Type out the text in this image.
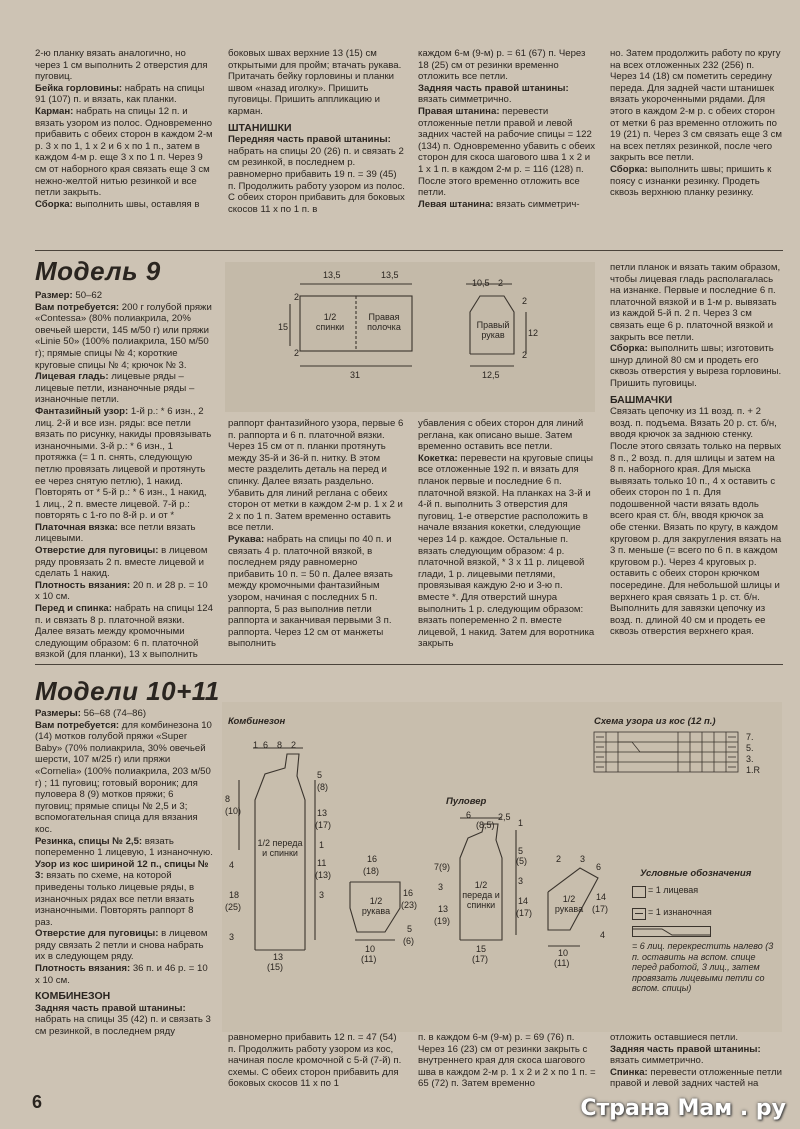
2-ю планку вязать аналогично, но через 1 см выполнить 2 отверстия для пуговиц.

Бейка горловины: набрать на спицы 91 (107) п. и вязать, как планки.

Карман: набрать на спицы 12 п. и вязать узором из полос. Одновременно прибавить с обеих сторон в каждом 2-м р. 3 х по 1, 1 х 2 и 6 х по 1 п., затем в каждом 4-м р. еще 3 х по 1 п. Через 9 см от наборного края связать еще 3 см нежно-желтой нитью резинкой и все петли закрыть.

Сборка: выполнить швы, оставляя в

боковых швах верхние 13 (15) см открытыми для пройм; втачать рукава. Притачать бейку горловины и планки швом «назад иголку». Пришить пуговицы. Пришить аппликацию и карман.

ШТАНИШКИ

Передняя часть правой штанины: набрать на спицы 20 (26) п. и связать 2 см резинкой, в последнем р. равномерно прибавить 19 п. = 39 (45) п. Продолжить работу узором из полос. С обеих сторон прибавить для боковых скосов 11 х по 1 п. в

каждом 6-м (9-м) р. = 61 (67) п. Через 18 (25) см от резинки временно отложить все петли.

Задняя часть правой штанины: вязать симметрично.

Правая штанина: перевести отложенные петли правой и левой задних частей на рабочие спицы = 122 (134) п. Одновременно убавить с обеих сторон для скоса шагового шва 1 х 2 и 1 х 1 п. в каждом 2-м р. = 116 (128) п. После этого временно отложить все петли.

Левая штанина: вязать симметрич-

но. Затем продолжить работу по кругу на всех отложенных 232 (256) п. Через 14 (18) см пометить середину переда. Для задней части штанишек вязать укороченными рядами. Для этого в каждом 2-м р. с обеих сторон от метки 6 раз временно отложить по 19 (21) п. Через 3 см связать еще 3 см на всех петлях резинкой, после чего закрыть все петли.

Сборка: выполнить швы; пришить к поясу с изнанки резинку. Продеть сквозь верхнюю планку резинку.

Модель 9

Размер: 50–62

Вам потребуется: 200 г голубой пряжи «Contessa» (80% полиакрила, 20% овечьей шерсти, 145 м/50 г) или пряжи «Linie 50» (100% полиакрила, 150 м/50 г); прямые спицы № 4; короткие круговые спицы № 4; крючок № 3.

Лицевая гладь: лицевые ряды – лицевые петли, изнаночные ряды – изнаночные петли.

Фантазийный узор: 1-й р.: * 6 изн., 2 лиц. 2-й и все изн. ряды: все петли вязать по рисунку, накиды провязывать изнаночными. 3-й р.: * 6 изн., 1 протяжка (= 1 п. снять, следующую петлю провязать лицевой и протянуть ее через снятую петлю), 1 накид. Повторять от * 5-й р.: * 6 изн., 1 накид, 1 лиц., 2 п. вместе лицевой. 7-й р.: повторять с 1-го по 8-й р. и от *

Платочная вязка: все петли вязать лицевыми.

Отверстие для пуговицы: в лицевом ряду провязать 2 п. вместе лицевой и сделать 1 накид.

Плотность вязания: 20 п. и 28 р. = 10 х 10 см.

Перед и спинка: набрать на спицы 124 п. и связать 8 р. платочной вязки. Далее вязать между кромочными следующим образом: 6 п. платочной вязкой (для планки), 13 х выполнить

раппорт фантазийного узора, первые 6 п. раппорта и 6 п. платочной вязки. Через 15 см от п. планки протянуть между 35-й и 36-й п. нитку. В этом месте разделить деталь на перед и спинку. Далее вязать раздельно. Убавить для линий реглана с обеих сторон от метки в каждом 2-м р. 1 х 2 и 2 х по 1 п. Затем временно оставить все петли.

Рукава: набрать на спицы по 40 п. и связать 4 р. платочной вязкой, в последнем ряду равномерно прибавить 10 п. = 50 п. Далее вязать между кромочными фантазийным узором, начиная с последних 5 п. раппорта, 5 раз выполнив петли раппорта и заканчивая первыми 3 п. раппорта. Через 12 см от манжеты выполнить

убавления с обеих сторон для линий реглана, как описано выше. Затем временно оставить все петли.

Кокетка: перевести на круговые спицы все отложенные 192 п. и вязать для планок первые и последние 6 п. платочной вязкой. На планках на 3-й и 4-й п. выполнить 3 отверстия для пуговиц. 1-е отверстие расположить в начале вязания кокетки, следующие через 14 р. каждое. Остальные п. вязать следующим образом: 4 р. платочной вязкой, * 3 х 11 р. лицевой глади, 1 р. лицевыми петлями, провязывая каждую 2-ю и 3-ю п. вместе *. Для отверстий шнура выполнить 1 р. следующим образом: вязать попеременно 2 п. вместе лицевой, 1 накид. Затем для воротника закрыть

петли планок и вязать таким образом, чтобы лицевая гладь располагалась на изнанке. Первые и последние 6 п. платочной вязкой и в 1-м р. вывязать из каждой 5-й п. 2 п. Через 3 см связать еще 6 р. платочной вязкой и закрыть все петли.

Сборка: выполнить швы; изготовить шнур длиной 80 см и продеть его сквозь отверстия у выреза горловины. Пришить пуговицы.

БАШМАЧКИ

Связать цепочку из 11 возд. п. + 2 возд. п. подъема. Вязать 20 р. ст. б/н, вводя крючок за заднюю стенку. После этого связать только на первых 8 п., 2 возд. п. для шлицы и затем на 8 п. наборного края. Для мыска вывязать только 10 п., 4 х оставить с обеих сторон по 1 п. Для подошвенной части вязать вдоль всего края ст. б/н, вводя крючок за обе стенки. Вязать по кругу, в каждом круговом р. для закругления вязать на 3 п. меньше (= всего по 6 п. в каждом круговом р.). Через 4 круговых р. оставить с обеих сторон крючком посередине. Для небольшой шлицы и верхнего края связать 1 р. ст. б/н. Выполнить для завязки цепочку из возд. п. длиной 40 см и продеть ее сквозь отверстия верхнего края.

13,5	13,5
15
2
2
1/2 спинки
Правая полочка
31
10,5 2
2
12
2
Правый рукав
12,5
Модели 10+11

Размеры: 56–68 (74–86)

Вам потребуется: для комбинезона 10 (14) мотков голубой пряжи «Super Baby» (70% полиакрила, 30% овечьей шерсти, 107 м/25 г) или пряжи «Cornelia» (100% полиакрила, 203 м/50 г) ; 11 пуговиц; готовый вороник; для пуловера 8 (9) мотков пряжи; 6 пуговиц; прямые спицы № 2,5 и 3; вспомогательная спица для вязания кос.

Резинка, спицы № 2,5: вязать попеременно 1 лицевую, 1 изнаночную.

Узор из кос шириной 12 п., спицы № 3: вязать по схеме, на которой приведены только лицевые ряды, в изнаночных рядах все петли вязать изнаночными. Повторять раппорт 8 раз.

Отверстие для пуговицы: в лицевом ряду связать 2 петли и снова набрать их в следующем ряду.

Плотность вязания: 36 п. и 46 р. = 10 х 10 см.

КОМБИНЕЗОН

Задняя часть правой штанины: набрать на спицы 35 (42) п. и связать 3 см резинкой, в последнем ряду

равномерно прибавить 12 п. = 47 (54) п. Продолжить работу узором из кос, начиная после кромочной с 5-й (7-й) п. схемы. С обеих сторон прибавить для боковых скосов 11 х по 1

п. в каждом 6-м (9-м) р. = 69 (76) п. Через 16 (23) см от резинки закрыть с внутреннего края для скоса шагового шва в каждом 2-м р. 1 х 2 и 2 х по 1 п. = 65 (72) п. Затем временно

отложить оставшиеся петли.

Задняя часть правой штанины: вязать симметрично.

Спинка: перевести отложенные петли правой и левой задних частей на

Комбинезон
1 6 8 2
8
(10)
5
(8)
13
(17)
1
11
(13)
3
4
18
(25)
3
1/2 переда и спинки
13
(15)
16
(18)
16
(23)
1/2 рукава
10
(11)
5
(6)
Пуловер
6	2,5
(8,5)	1
5
(5)
3
7(9)
14
(17)
3
13
(19)
1/2 переда и спинки
15
(17)
2 3
6
14
(17)
1/2 рукава
10
(11)
4
Схема узора из кос (12 п.)
7.
5.
3.
1.R
Условные обозначения
= 1 лицевая
= 1 изнаночная
= 6 лиц. перекрестить налево (3 п. оставить на вспом. спице перед работой, 3 лиц., затем провязать лицевыми петли со вспом. спицы)
6	Страна Мам . ру
